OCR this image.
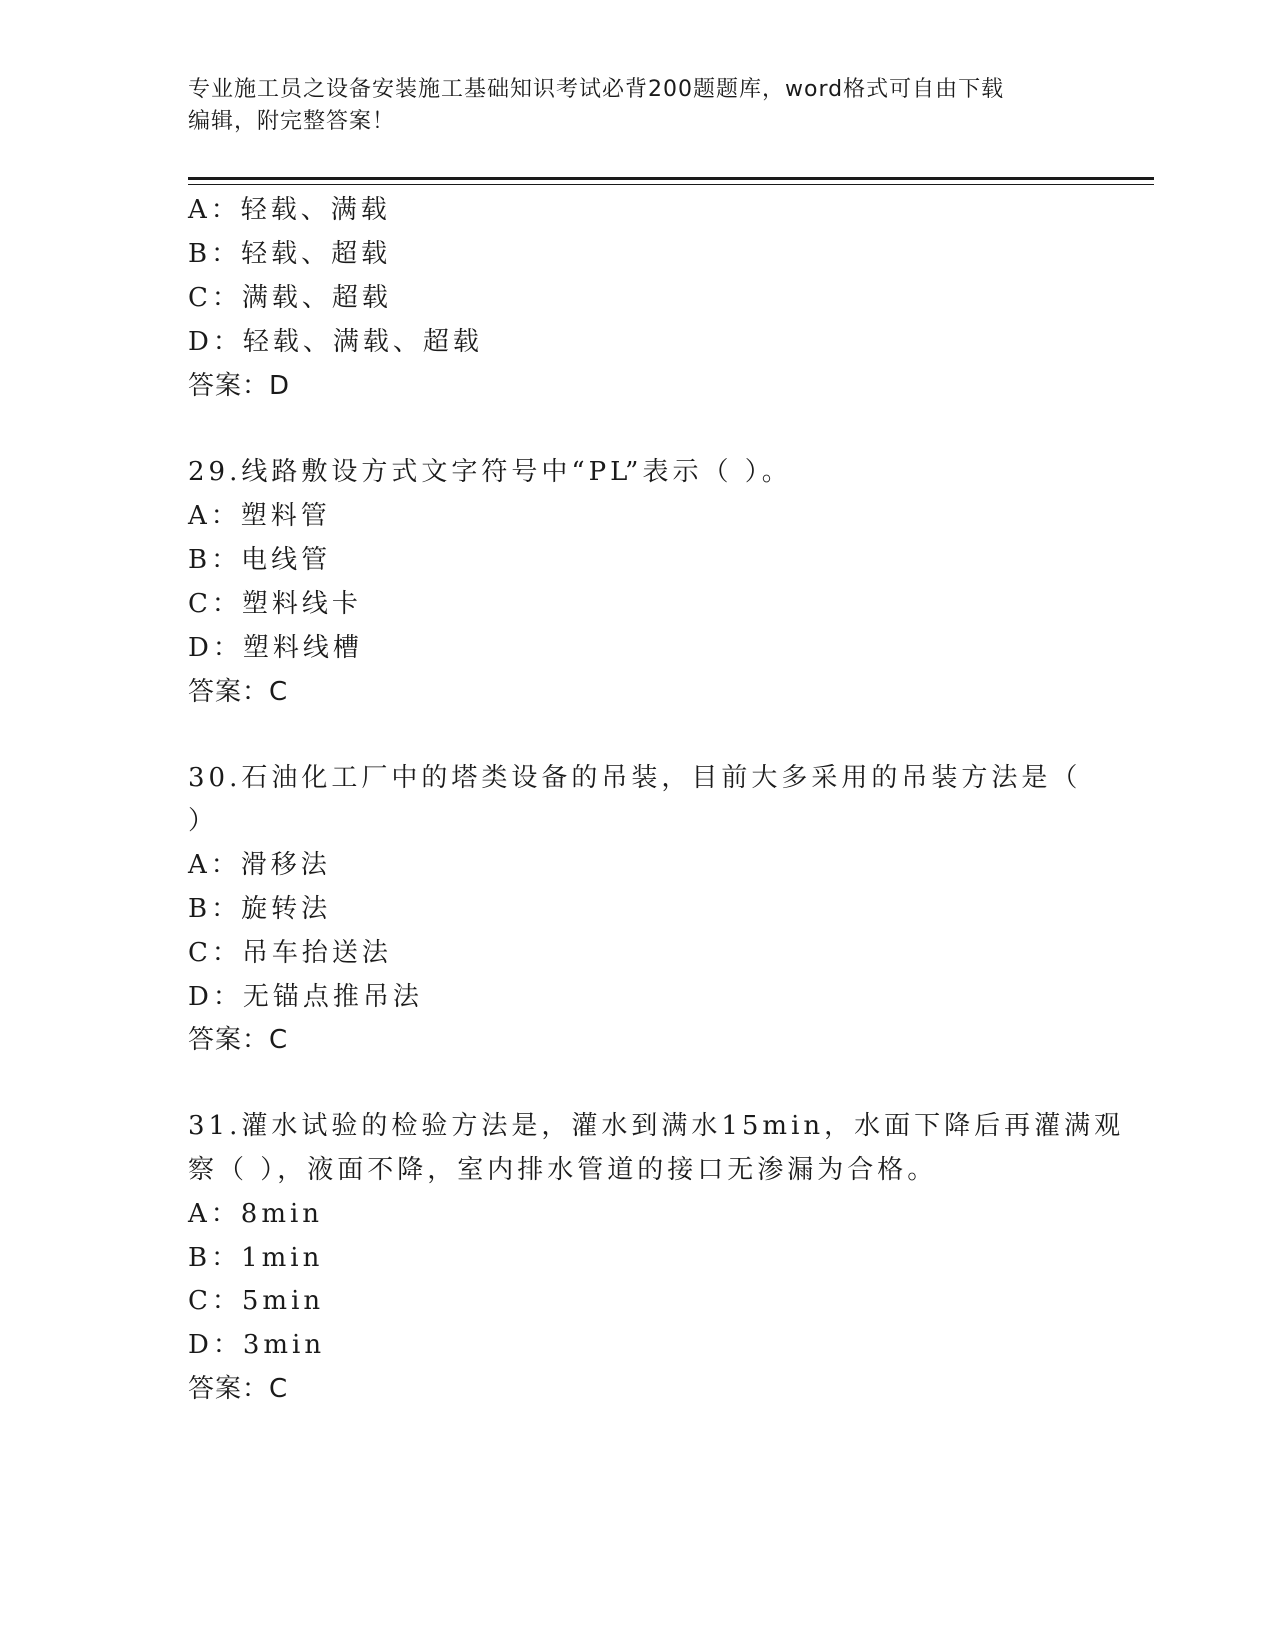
专业施工员之设备安装施工基础知识考试必背200题题库，word格式可自由下载
编辑，附完整答案！
A：轻载、满载
B：轻载、超载
C：满载、超载
D：轻载、满载、超载
答案：D
29.线路敷设方式文字符号中“PL”表示（ ）。
A：塑料管
B：电线管
C：塑料线卡
D：塑料线槽
答案：C
30.石油化工厂中的塔类设备的吊装，目前大多采用的吊装方法是（
）
A：滑移法
B：旋转法
C：吊车抬送法
D：无锚点推吊法
答案：C
31.灌水试验的检验方法是，灌水到满水15min，水面下降后再灌满观
察（ ），液面不降，室内排水管道的接口无渗漏为合格。
A：8min
B：1min
C：5min
D：3min
答案：C
